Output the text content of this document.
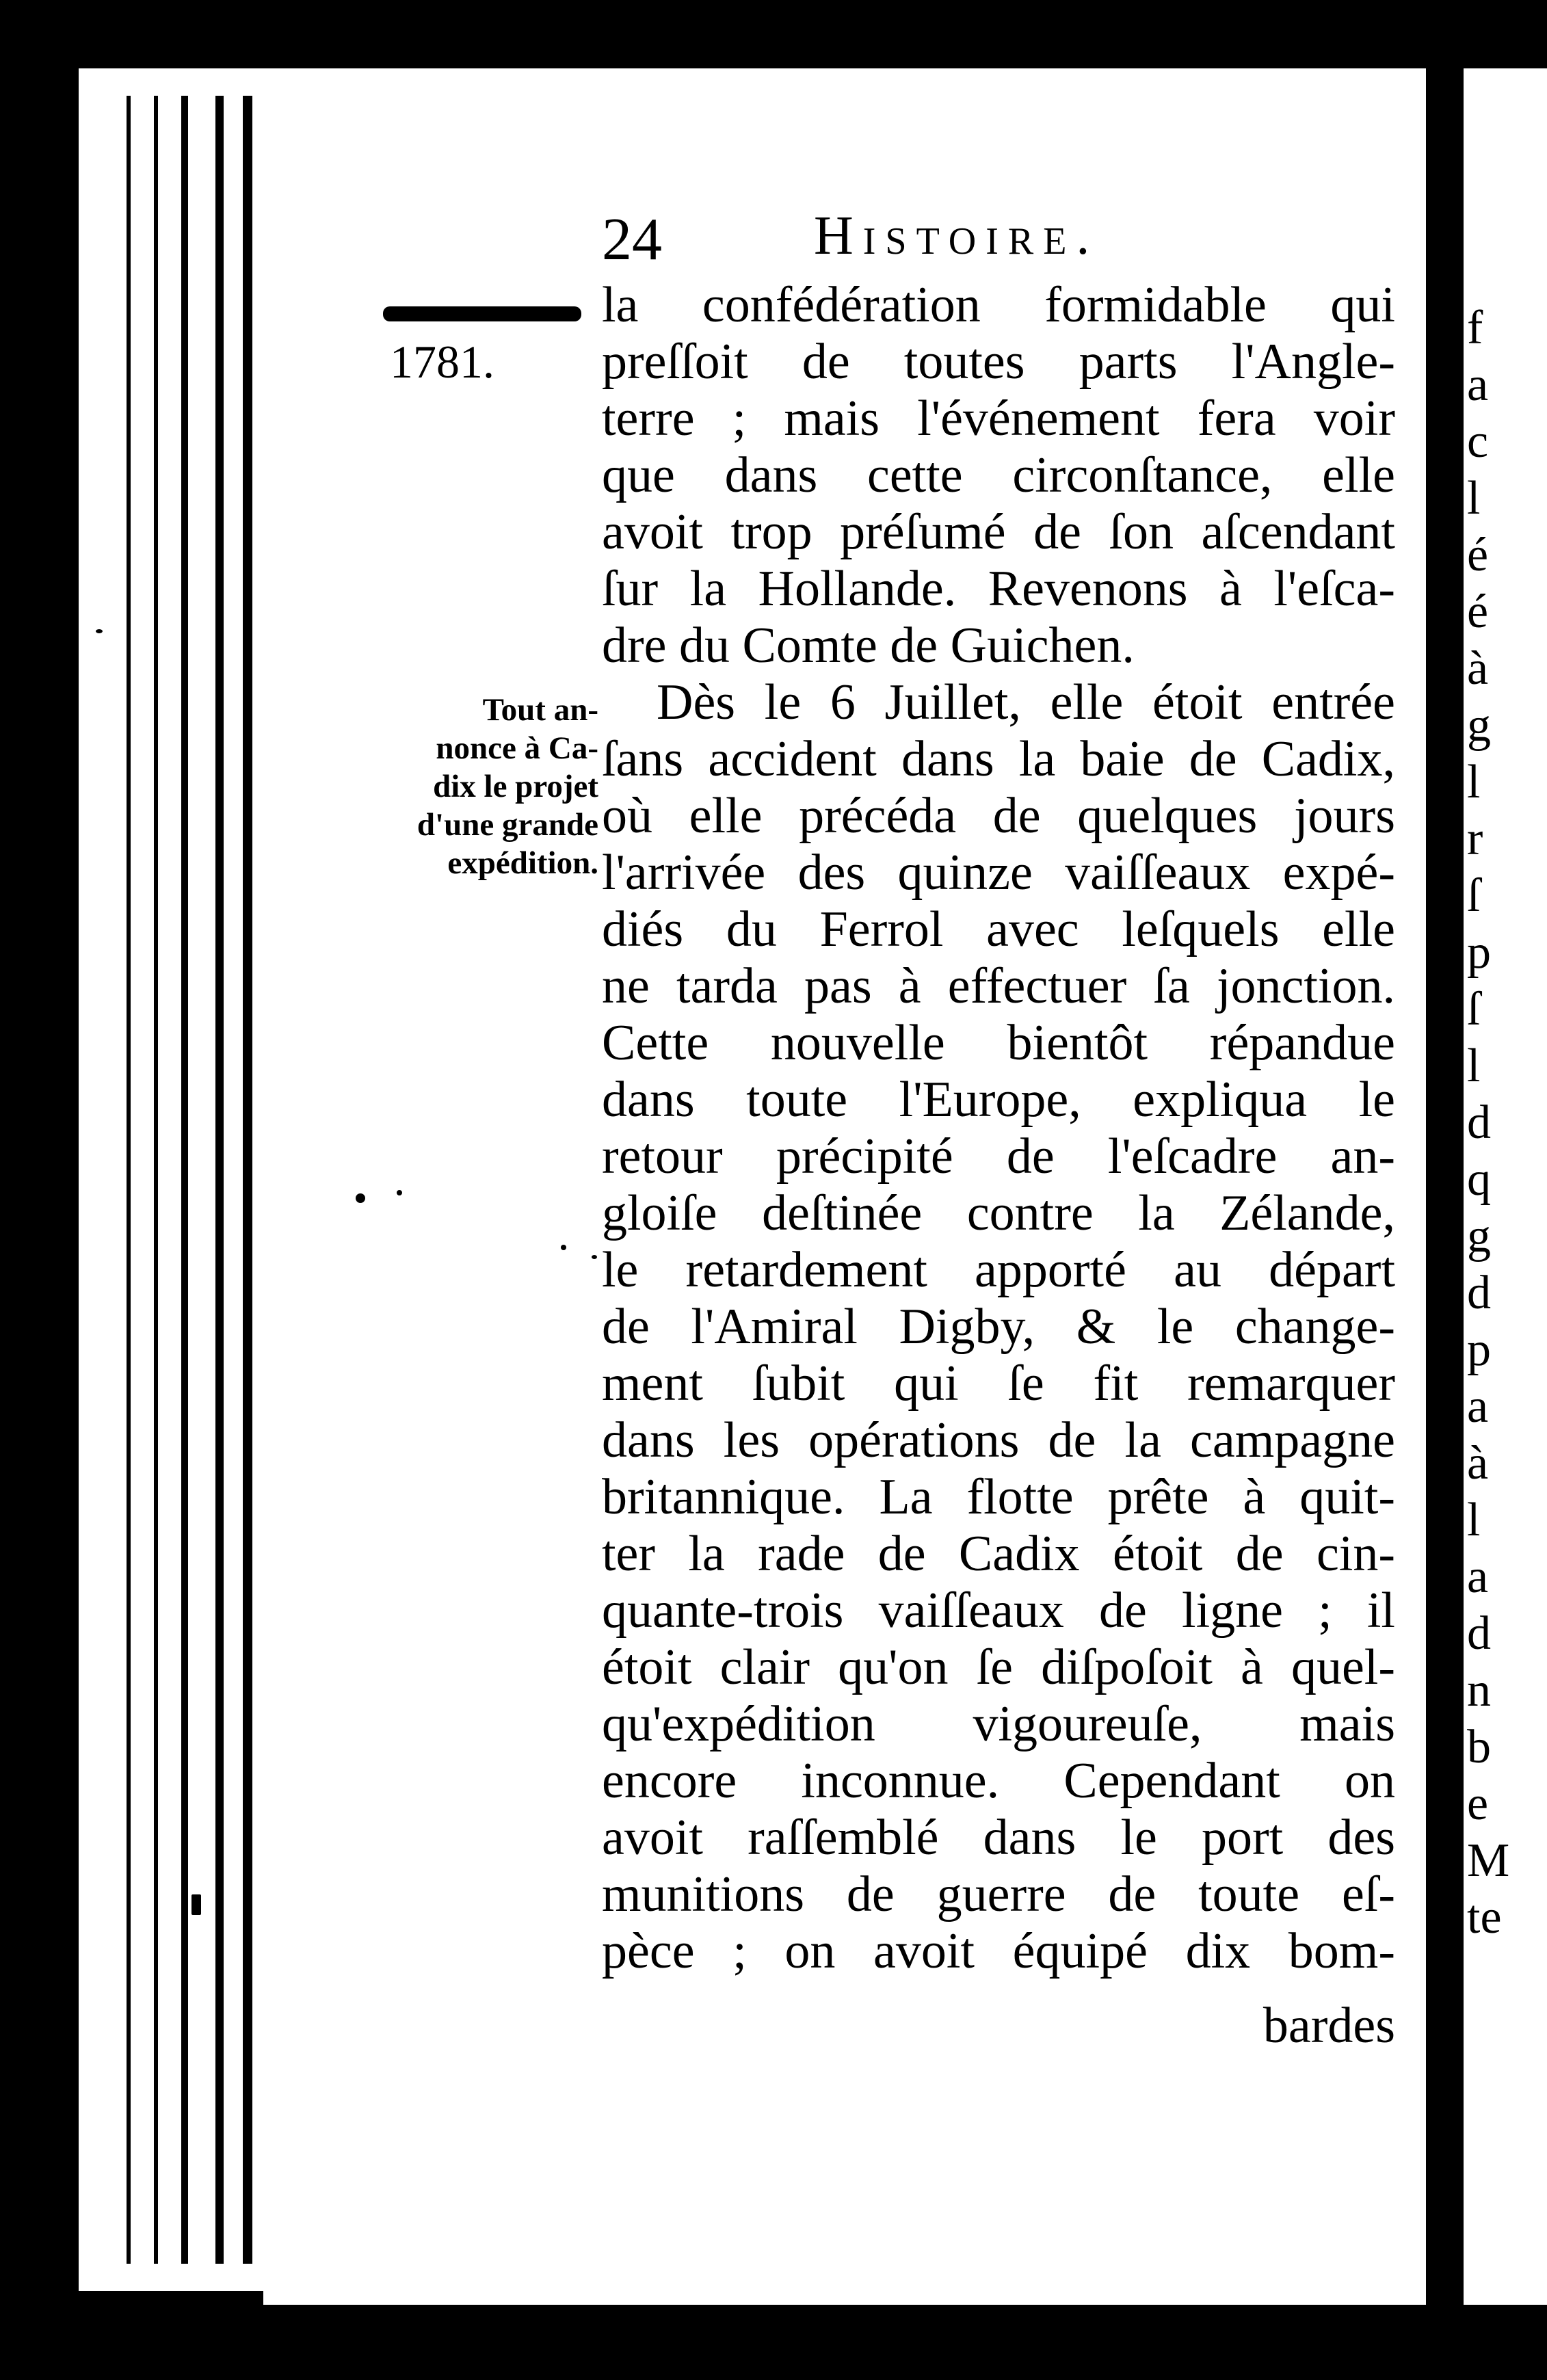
f
a
c
l
é
é
à
g
l
r
ſ
p
ſ
l
d
q
g
d
p
a
à
l
a
d
n
b
e
M
te
24	Histoire.
1781.
Tout an-
nonce à Ca-
dix le projet
d'une grande
expédition.
la confédération formidable qui
preſſoit de toutes parts l'Angle-
terre ; mais l'événement fera voir
que dans cette circonſtance, elle
avoit trop préſumé de ſon aſcendant
ſur la Hollande. Revenons à l'eſca-
dre du Comte de Guichen.
Dès le 6 Juillet, elle étoit entrée
ſans accident dans la baie de Cadix,
où elle précéda de quelques jours
l'arrivée des quinze vaiſſeaux expé-
diés du Ferrol avec leſquels elle
ne tarda pas à effectuer ſa jonction.
Cette nouvelle bientôt répandue
dans toute l'Europe, expliqua le
retour précipité de l'eſcadre an-
gloiſe deſtinée contre la Zélande,
le retardement apporté au départ
de l'Amiral Digby, & le change-
ment ſubit qui ſe fit remarquer
dans les opérations de la campagne
britannique. La flotte prête à quit-
ter la rade de Cadix étoit de cin-
quante-trois vaiſſeaux de ligne ; il
étoit clair qu'on ſe diſpoſoit à quel-
qu'expédition vigoureuſe, mais
encore inconnue. Cependant on
avoit raſſemblé dans le port des
munitions de guerre de toute eſ-
pèce ; on avoit équipé dix bom-
bardes
